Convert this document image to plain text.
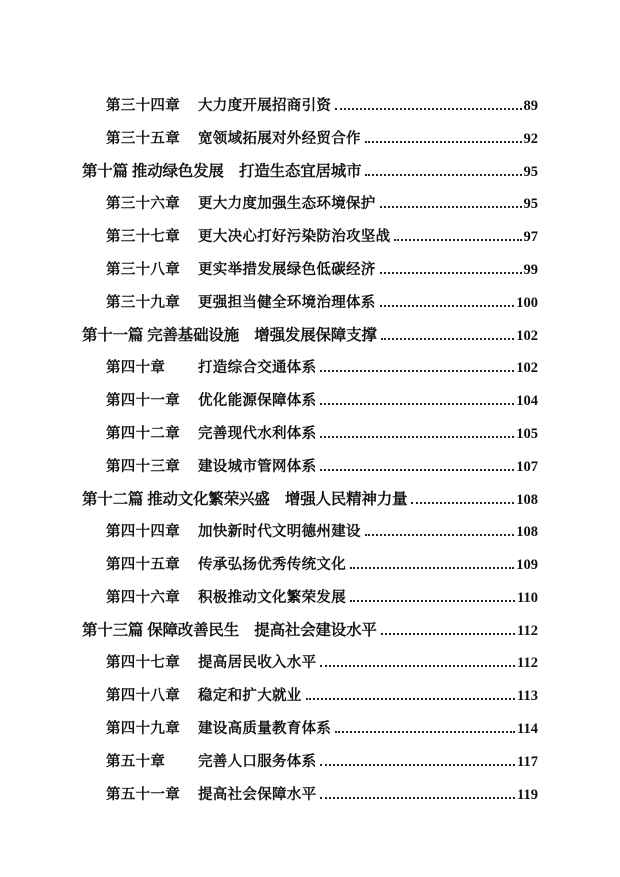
第三十四章	大力度开展招商引资	89
第三十五章	宽领域拓展对外经贸合作	92
第十篇 推动绿色发展　打造生态宜居城市	95
第三十六章	更大力度加强生态环境保护	95
第三十七章	更大决心打好污染防治攻坚战	97
第三十八章	更实举措发展绿色低碳经济	99
第三十九章	更强担当健全环境治理体系	100
第十一篇 完善基础设施　增强发展保障支撑	102
第四十章	打造综合交通体系	102
第四十一章	优化能源保障体系	104
第四十二章	完善现代水利体系	105
第四十三章	建设城市管网体系	107
第十二篇 推动文化繁荣兴盛　增强人民精神力量	108
第四十四章	加快新时代文明德州建设	108
第四十五章	传承弘扬优秀传统文化	109
第四十六章	积极推动文化繁荣发展	110
第十三篇 保障改善民生　提高社会建设水平	112
第四十七章	提高居民收入水平	112
第四十八章	稳定和扩大就业	113
第四十九章	建设高质量教育体系	114
第五十章	完善人口服务体系	117
第五十一章	提高社会保障水平	119
